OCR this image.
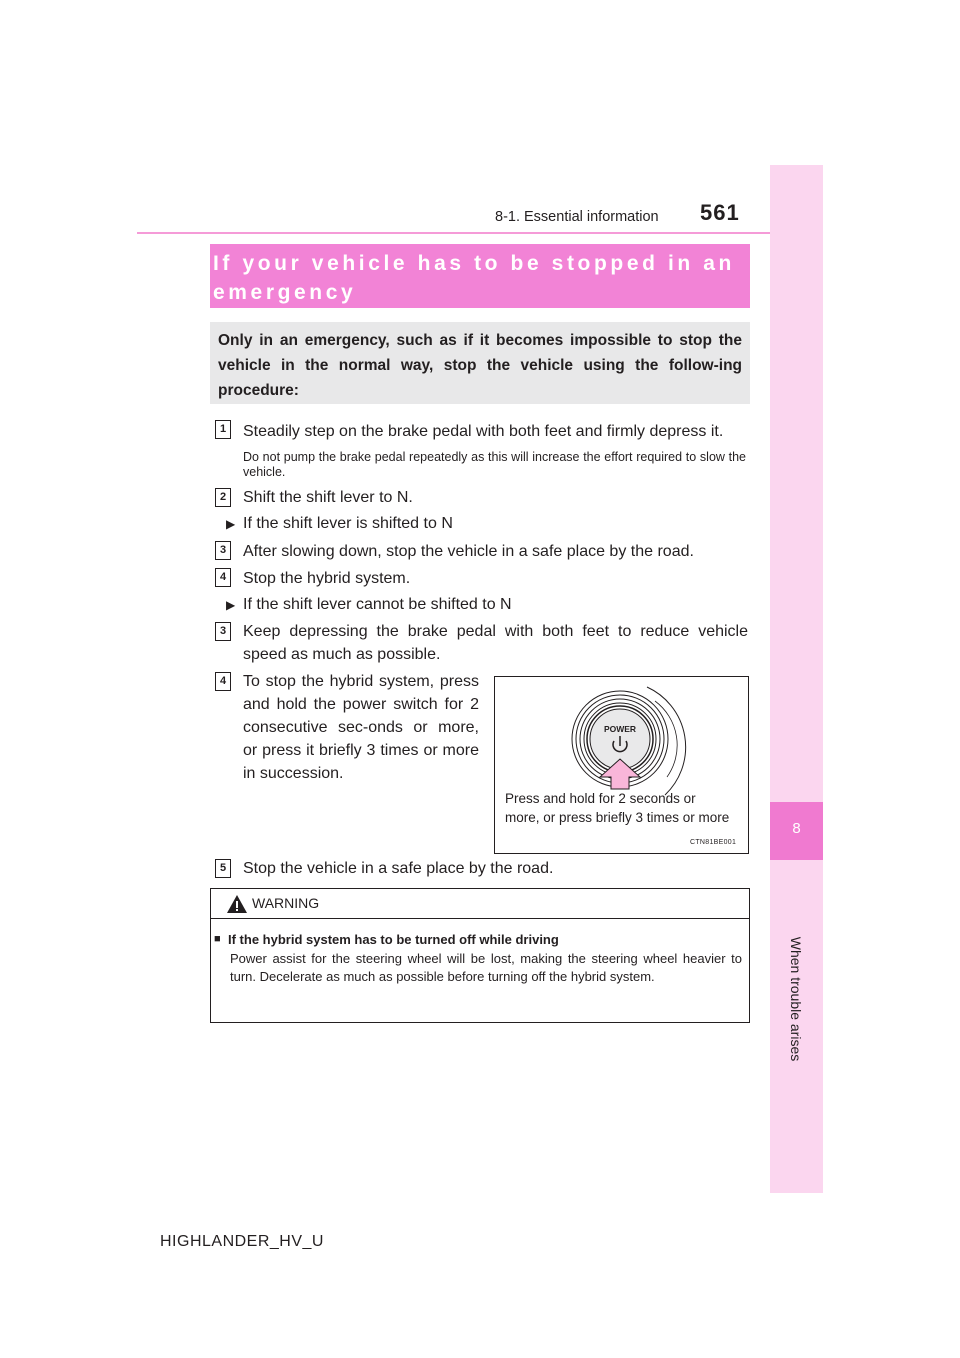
561
8-1. Essential information
8
When trouble arises
If your vehicle has to be stopped in an emergency
Only in an emergency, such as if it becomes impossible to stop the vehicle in the normal way, stop the vehicle using the follow-ing procedure:
1	Steadily step on the brake pedal with both feet and firmly depress it.
Do not pump the brake pedal repeatedly as this will increase the effort required to slow the vehicle.
2	Shift the shift lever to N.
▶ If the shift lever is shifted to N
3	After slowing down, stop the vehicle in a safe place by the road.
4	Stop the hybrid system.
▶ If the shift lever cannot be shifted to N
3	Keep depressing the brake pedal with both feet to reduce vehicle speed as much as possible.
4	To stop the hybrid system, press and hold the power switch for 2 consecutive sec-onds or more, or press it briefly 3 times or more in succession.
POWER
Press and hold for 2 seconds or more, or press briefly 3 times or more
CTN81BE001
5	Stop the vehicle in a safe place by the road.
WARNING
■ If the hybrid system has to be turned off while driving
Power assist for the steering wheel will be lost, making the steering wheel heavier to turn. Decelerate as much as possible before turning off the hybrid system.
HIGHLANDER_HV_U
